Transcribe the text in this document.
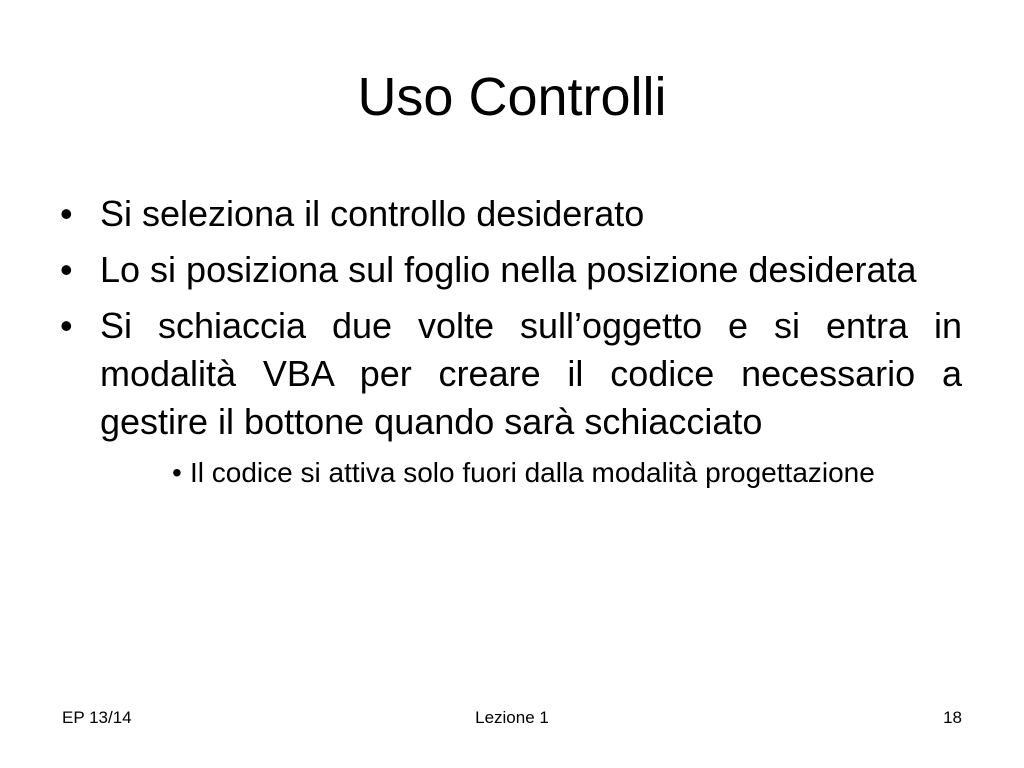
Uso Controlli
• Si seleziona il controllo desiderato
• Lo si posiziona sul foglio nella posizione desiderata
• Si schiaccia due volte sull’oggetto e si entra in modalità VBA per creare il codice necessario a gestire il bottone quando sarà schiacciato
• Il codice si attiva solo fuori dalla modalità progettazione
Lezione 1
EP 13/14	18
